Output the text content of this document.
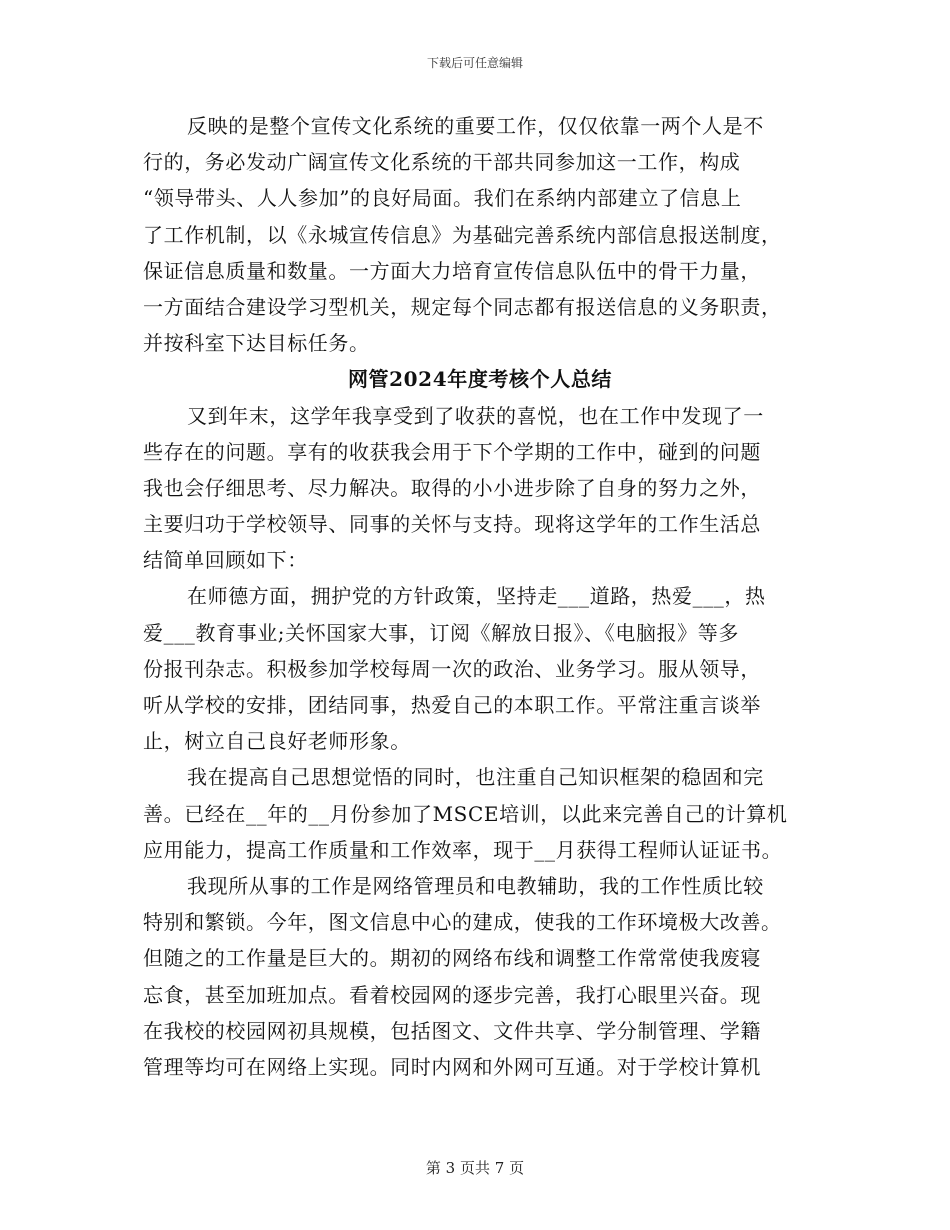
下载后可任意编辑
反映的是整个宣传文化系统的重要工作，仅仅依靠一两个人是不
行的，务必发动广阔宣传文化系统的干部共同参加这一工作，构成
“领导带头、人人参加”的良好局面。我们在系纳内部建立了信息上
了工作机制，以《永城宣传信息》为基础完善系统内部信息报送制度，
保证信息质量和数量。一方面大力培育宣传信息队伍中的骨干力量，
一方面结合建设学习型机关，规定每个同志都有报送信息的义务职责，
并按科室下达目标任务。
网管2024年度考核个人总结
又到年末，这学年我享受到了收获的喜悦，也在工作中发现了一
些存在的问题。享有的收获我会用于下个学期的工作中，碰到的问题
我也会仔细思考、尽力解决。取得的小小进步除了自身的努力之外，
主要归功于学校领导、同事的关怀与支持。现将这学年的工作生活总
结简单回顾如下：
在师德方面，拥护党的方针政策，坚持走___道路，热爱___，热
爱___教育事业;关怀国家大事，订阅《解放日报》、《电脑报》等多
份报刊杂志。积极参加学校每周一次的政治、业务学习。服从领导，
听从学校的安排，团结同事，热爱自己的本职工作。平常注重言谈举
止，树立自己良好老师形象。
我在提高自己思想觉悟的同时，也注重自己知识框架的稳固和完
善。已经在__年的__月份参加了MSCE培训，以此来完善自己的计算机
应用能力，提高工作质量和工作效率，现于__月获得工程师认证证书。
我现所从事的工作是网络管理员和电教辅助，我的工作性质比较
特别和繁锁。今年，图文信息中心的建成，使我的工作环境极大改善。
但随之的工作量是巨大的。期初的网络布线和调整工作常常使我废寝
忘食，甚至加班加点。看着校园网的逐步完善，我打心眼里兴奋。现
在我校的校园网初具规模，包括图文、文件共享、学分制管理、学籍
管理等均可在网络上实现。同时内网和外网可互通。对于学校计算机
第 3 页共 7 页
